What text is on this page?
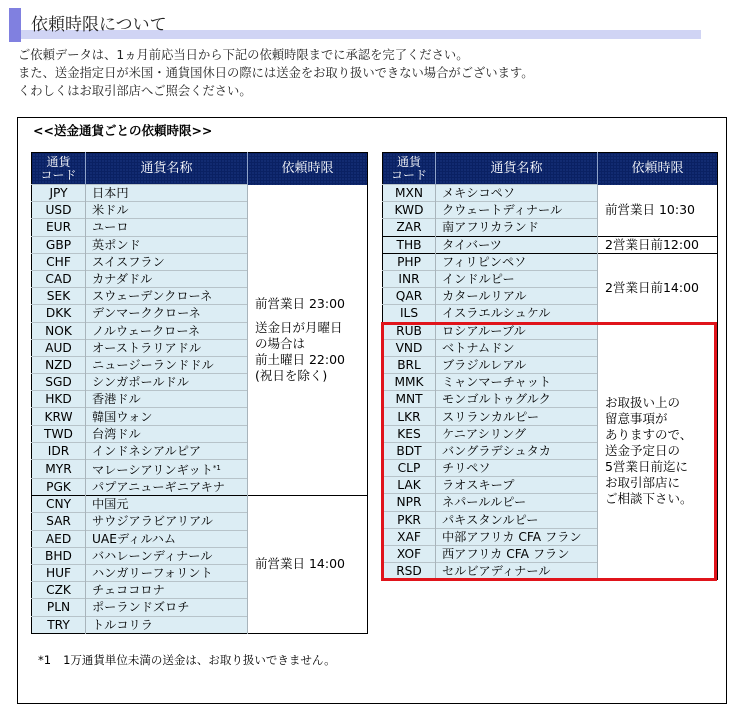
依頼時限について
ご依頼データは、1ヵ月前応当日から下記の依頼時限までに承認を完了ください。
また、送金指定日が米国・通貨国休日の際には送金をお取り扱いできない場合がございます。
くわしくはお取引部店へご照会ください。
<<送金通貨ごとの依頼時限>>
通貨
コード	通貨名称	依頼時限
JPY	日本円	前営業日 23:00
送金日が月曜日
の場合は
前土曜日 22:00
(祝日を除く)

USD	米ドル	
EUR	ユーロ	
GBP	英ポンド	
CHF	スイスフラン	
CAD	カナダドル	
SEK	スウェーデンクローネ	
DKK	デンマーククローネ	
NOK	ノルウェークローネ	
AUD	オーストラリアドル	
NZD	ニュージーランドドル	
SGD	シンガポールドル	
HKD	香港ドル	
KRW	韓国ウォン	
TWD	台湾ドル	
IDR	インドネシアルピア	
MYR	マレーシアリンギット$^{*1}$
PGK	パプアニューギニアキナ	
CNY	中国元	前営業日 14:00

SAR	サウジアラビアリアル	
AED	UAEディルハム	
BHD	バハレーンディナール	
HUF	ハンガリーフォリント	
CZK	チェココロナ	
PLN	ポーランドズロチ	
TRY	トルコリラ	
通貨
コード	通貨名称	依頼時限
MXN	メキシコペソ	前営業日 10:30

KWD	クウェートディナール	
ZAR	南アフリカランド	
THB	タイバーツ	2営業日前12:00

PHP	フィリピンペソ	2営業日前14:00

INR	インドルピー	
QAR	カタールリアル	
ILS	イスラエルシュケル	
RUB	ロシアルーブル	
お取扱い上の
留意事項が
ありますので、
送金予定日の
5営業日前迄に
お取引部店に
ご相談下さい。

VND	ベトナムドン	
BRL	ブラジルレアル	
MMK	ミャンマーチャット	
MNT	モンゴルトゥグルク	
LKR	スリランカルピー	
KES	ケニアシリング	
BDT	バングラデシュタカ	
CLP	チリペソ	
LAK	ラオスキープ	
NPR	ネパールルピー	
PKR	パキスタンルピー	
XAF	中部アフリカ CFA フラン	
XOF	西アフリカ CFA フラン	
RSD	セルビアディナール	
*1 1万通貨単位未満の送金は、お取り扱いできません。
